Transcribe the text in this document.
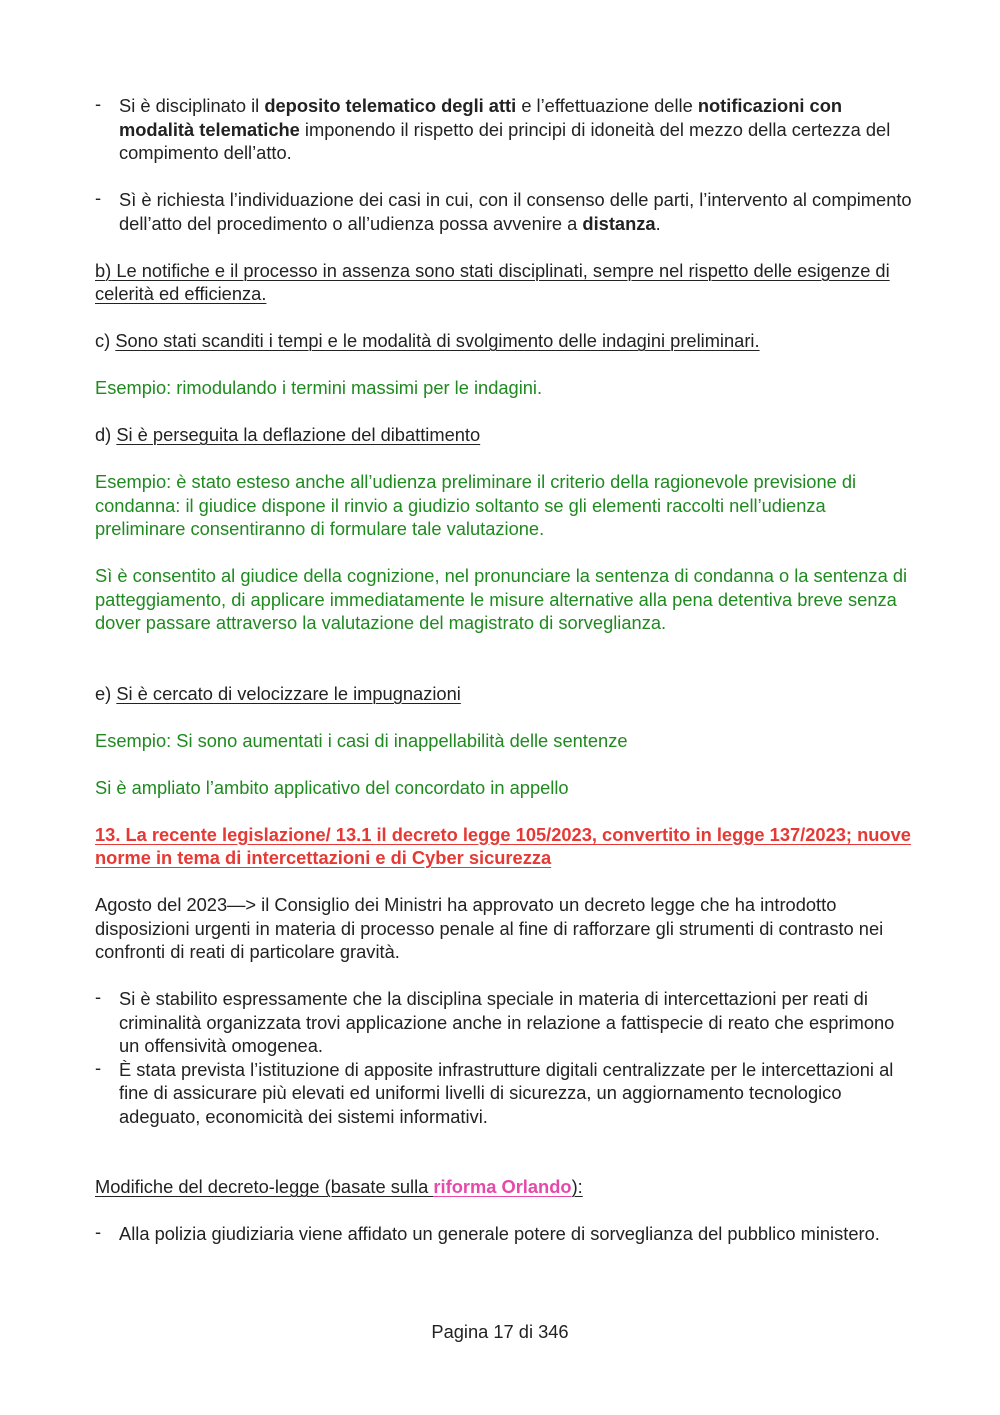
- Si è disciplinato il deposito telematico degli atti e l’effettuazione delle notificazioni con modalità telematiche imponendo il rispetto dei principi di idoneità del mezzo della certezza del compimento dell’atto.

- Sì è richiesta l’individuazione dei casi in cui, con il consenso delle parti, l’intervento al compimento dell’atto del procedimento o all’udienza possa avvenire a distanza.

b) Le notifiche e il processo in assenza sono stati disciplinati, sempre nel rispetto delle esigenze di celerità ed efficienza.

c) Sono stati scanditi i tempi e le modalità di svolgimento delle indagini preliminari.

Esempio: rimodulando i termini massimi per le indagini.

d) Si è perseguita la deflazione del dibattimento

Esempio: è stato esteso anche all’udienza preliminare il criterio della ragionevole previsione di condanna: il giudice dispone il rinvio a giudizio soltanto se gli elementi raccolti nell’udienza preliminare consentiranno di formulare tale valutazione.

Sì è consentito al giudice della cognizione, nel pronunciare la sentenza di condanna o la sentenza di patteggiamento, di applicare immediatamente le misure alternative alla pena detentiva breve senza dover passare attraverso la valutazione del magistrato di sorveglianza.

e) Si è cercato di velocizzare le impugnazioni

Esempio: Si sono aumentati i casi di inappellabilità delle sentenze

Si è ampliato l’ambito applicativo del concordato in appello

13. La recente legislazione/ 13.1 il decreto legge 105/2023, convertito in legge 137/2023; nuove norme in tema di intercettazioni e di Cyber sicurezza

Agosto del 2023—> il Consiglio dei Ministri ha approvato un decreto legge che ha introdotto disposizioni urgenti in materia di processo penale al fine di rafforzare gli strumenti di contrasto nei confronti di reati di particolare gravità.

- Si è stabilito espressamente che la disciplina speciale in materia di intercettazioni per reati di criminalità organizzata trovi applicazione anche in relazione a fattispecie di reato che esprimono un offensività omogenea.

- È stata prevista l’istituzione di apposite infrastrutture digitali centralizzate per le intercettazioni al fine di assicurare più elevati ed uniformi livelli di sicurezza, un aggiornamento tecnologico adeguato, economicità dei sistemi informativi.

Modifiche del decreto-legge (basate sulla riforma Orlando):

- Alla polizia giudiziaria viene affidato un generale potere di sorveglianza del pubblico ministero.

Pagina 17 di 346
